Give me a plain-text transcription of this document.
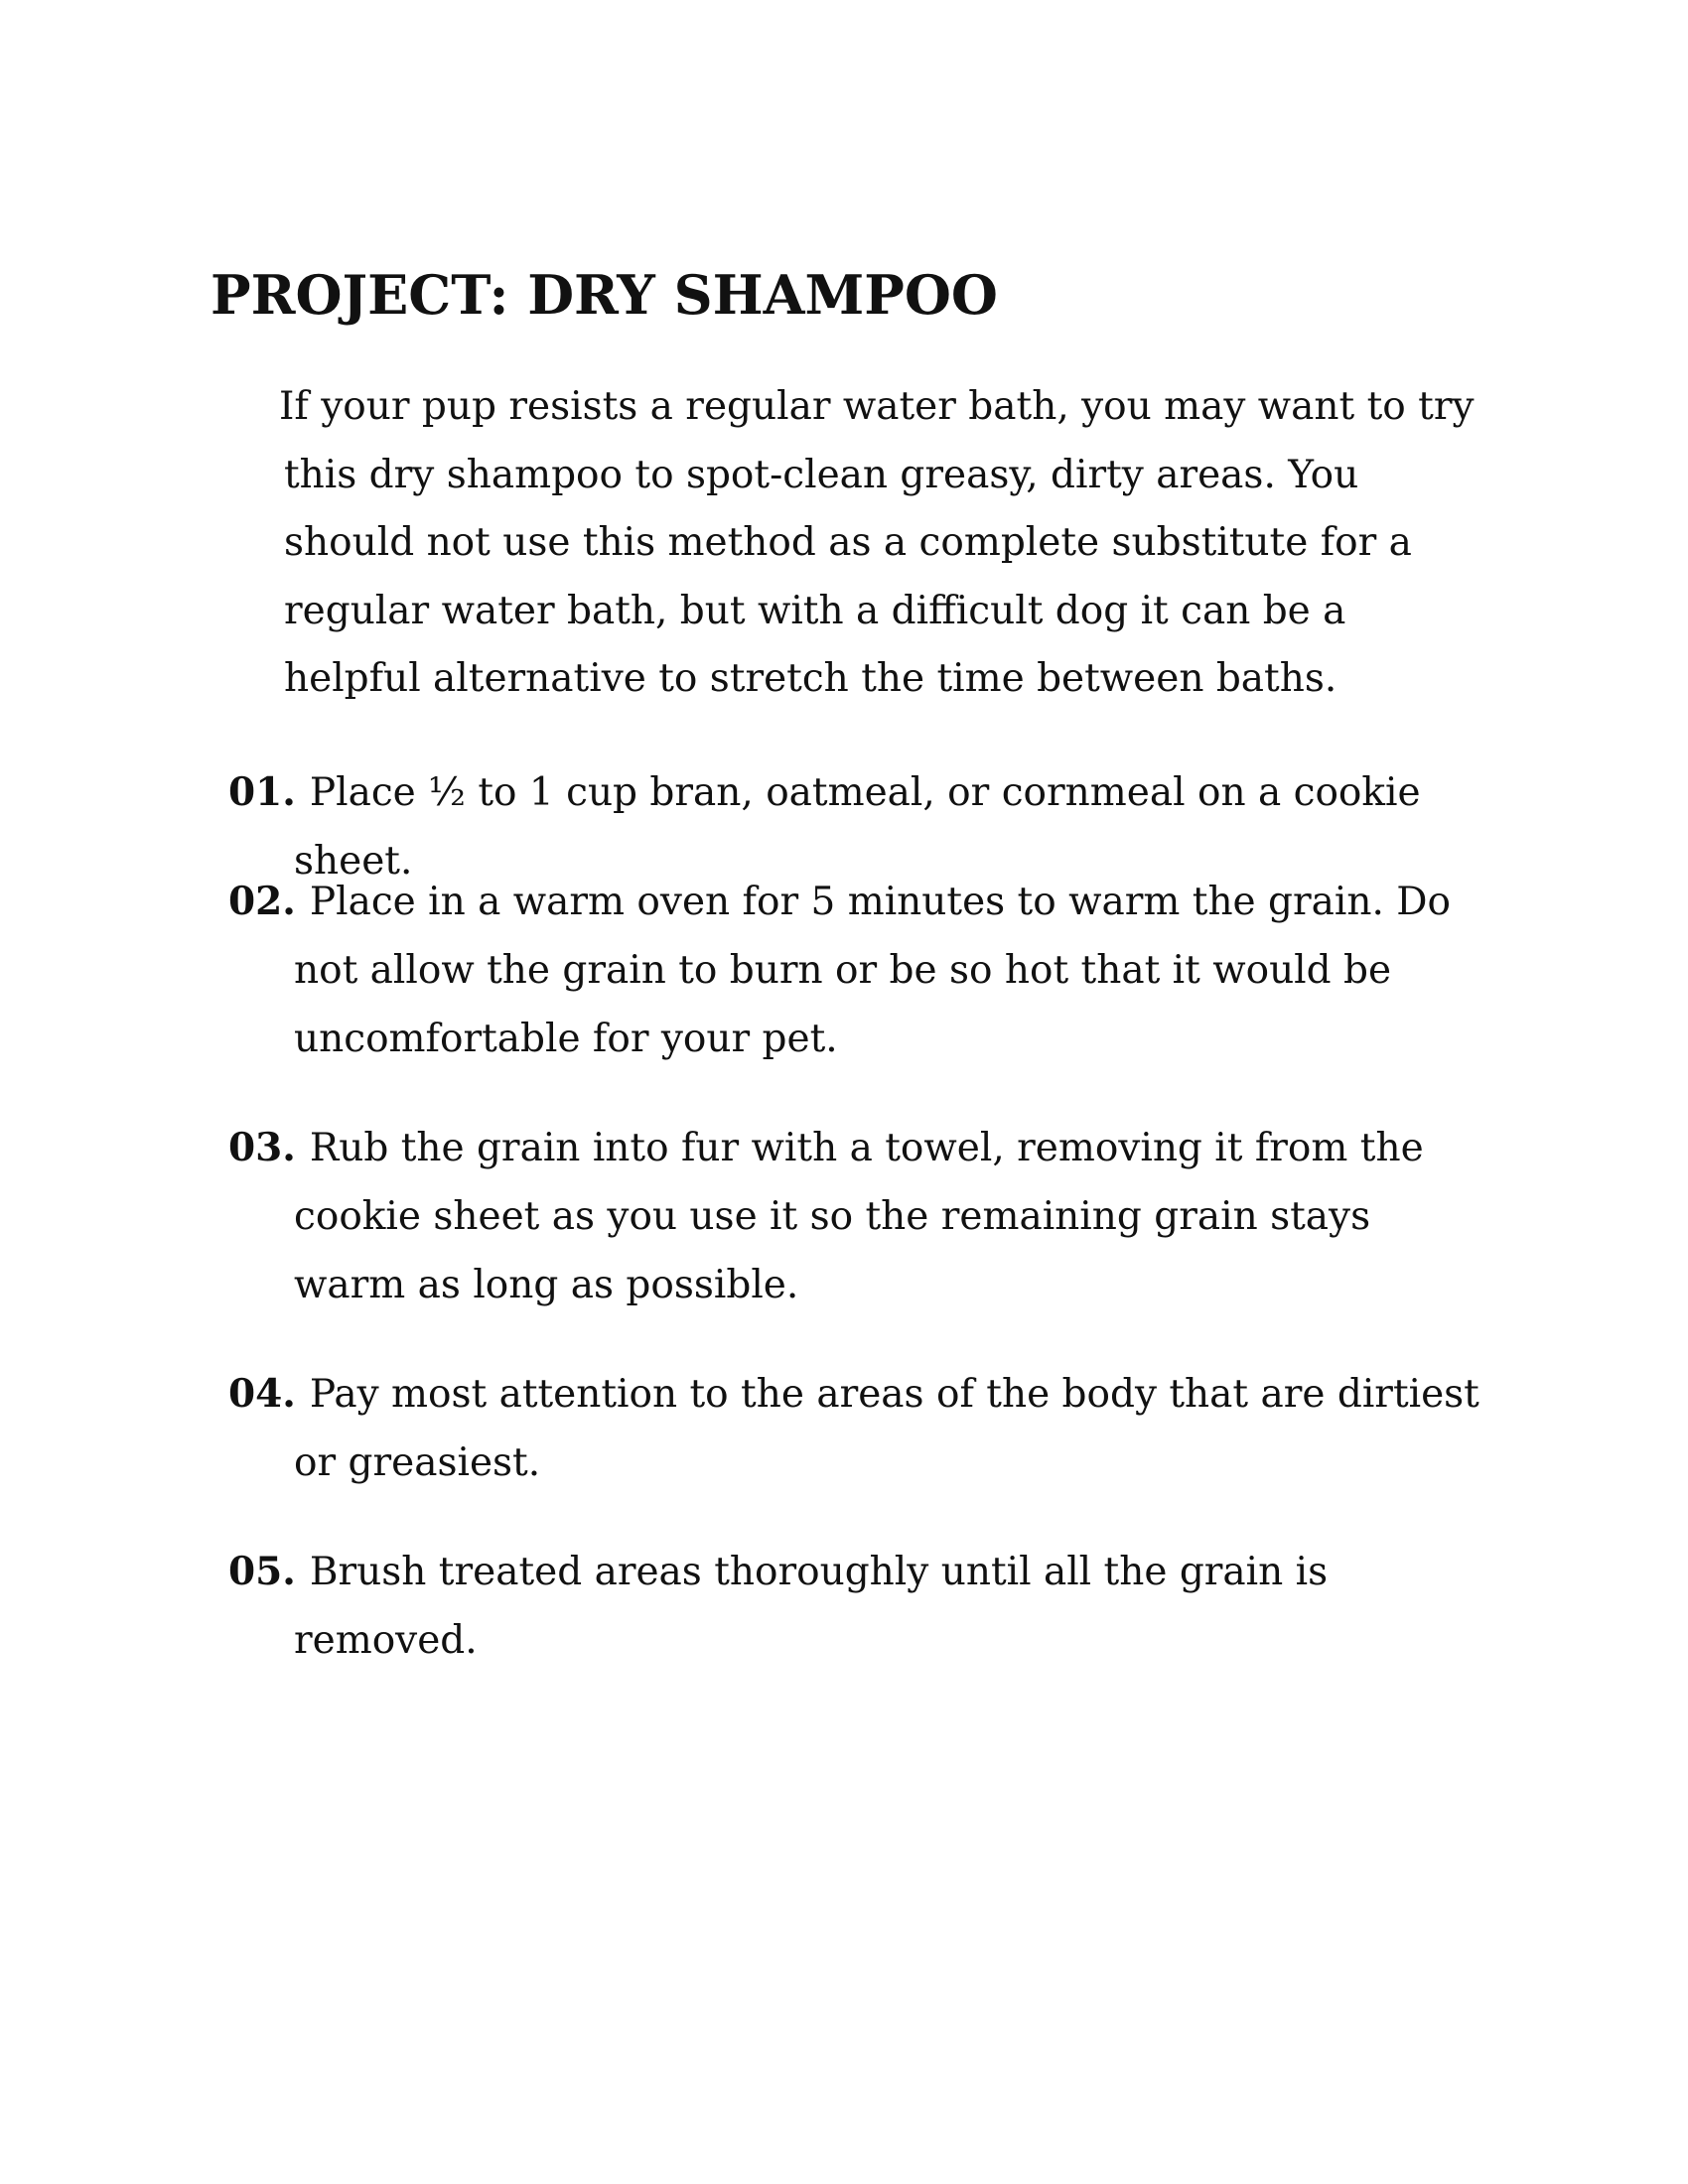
PROJECT: DRY SHAMPOO

If your pup resists a regular water bath, you may want to try this dry shampoo to spot-clean greasy, dirty areas. You should not use this method as a complete substitute for a regular water bath, but with a difficult dog it can be a helpful alternative to stretch the time between baths.

01. Place ½ to 1 cup bran, oatmeal, or cornmeal on a cookie sheet.
02. Place in a warm oven for 5 minutes to warm the grain. Do not allow the grain to burn or be so hot that it would be uncomfortable for your pet.
03. Rub the grain into fur with a towel, removing it from the cookie sheet as you use it so the remaining grain stays warm as long as possible.
04. Pay most attention to the areas of the body that are dirtiest or greasiest.
05. Brush treated areas thoroughly until all the grain is removed.
